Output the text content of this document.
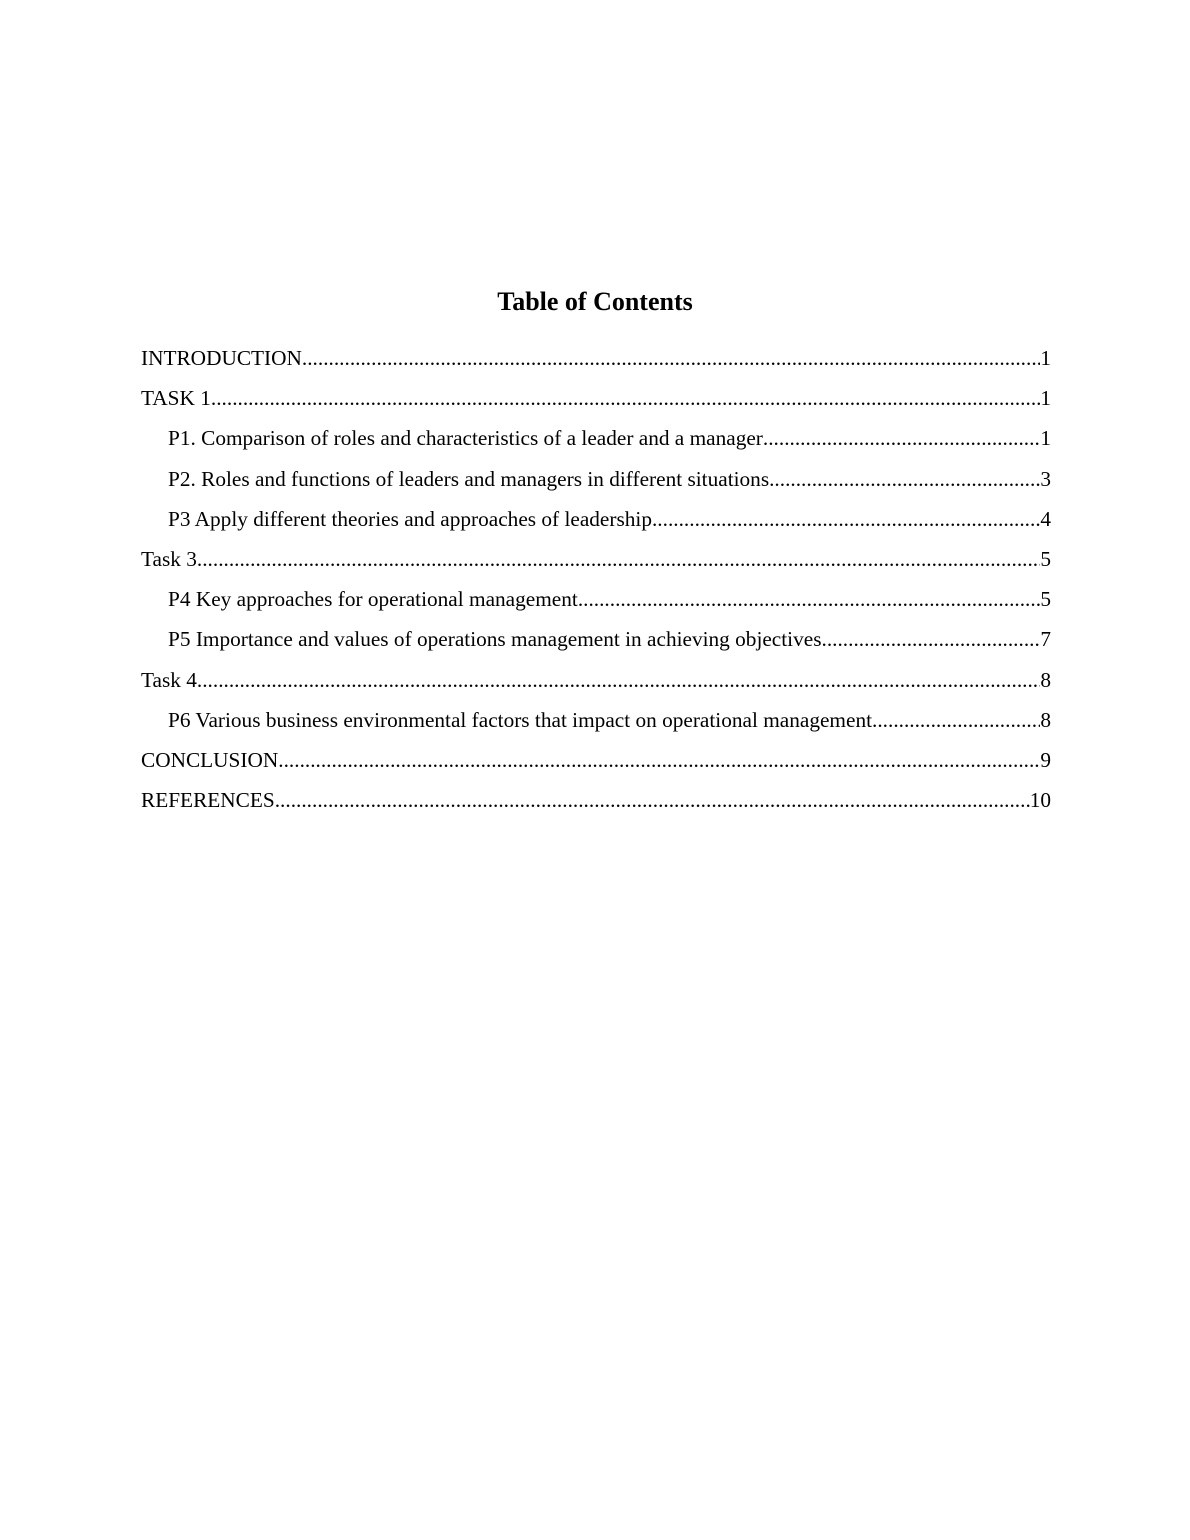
Table of Contents
INTRODUCTION .....	1
TASK 1 .....	1
P1. Comparison of roles and characteristics of a leader and a manager .....	1
P2. Roles and functions of leaders and managers in different situations .....	3
P3 Apply different theories and approaches of leadership .....	4
Task 3 .....	5
P4 Key approaches for operational management .....	5
P5 Importance and values of operations management in achieving objectives .....	7
Task 4 .....	8
P6 Various business environmental factors that impact on operational management .....	8
CONCLUSION .....	9
REFERENCES .....	10
